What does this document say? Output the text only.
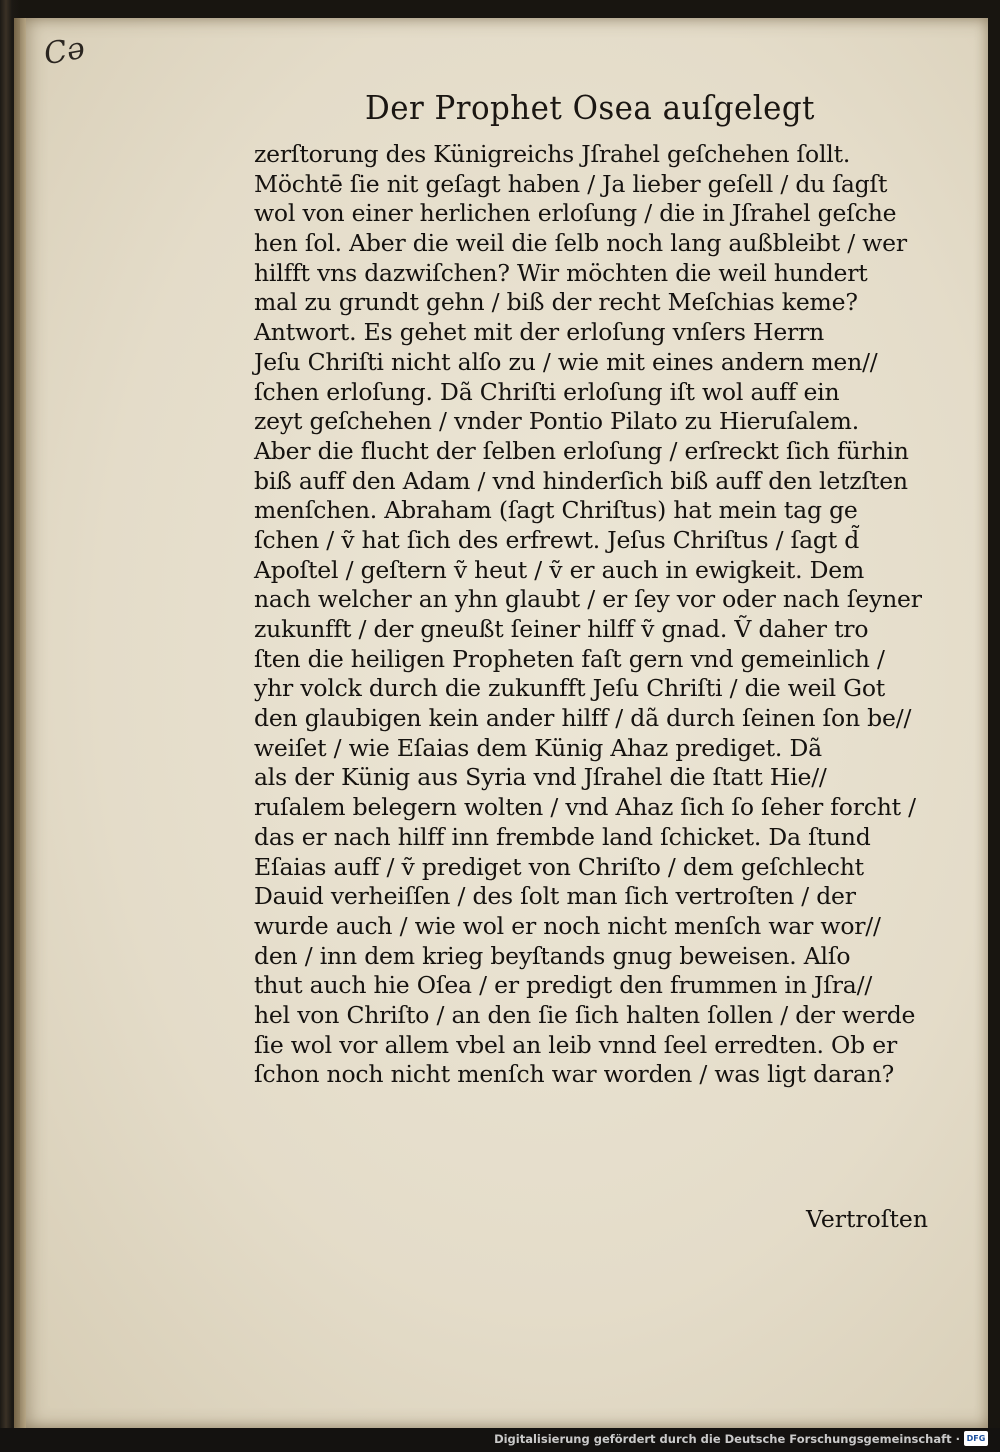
Cə
Der Prophet Osea auſgelegt
zerſtorung des Künigreichs Jſrahel geſchehen ſollt.
Möchtē ſie nit geſagt haben / Ja lieber geſell / du ſagſt
wol von einer herlichen erloſung / die in Jſrahel geſche
hen ſol. Aber die weil die ſelb noch lang außbleibt / wer
hilfft vns dazwiſchen? Wir möchten die weil hundert
mal zu grundt gehn / biß der recht Meſchias keme?
Antwort. Es gehet mit der erloſung vnſers Herrn
Jeſu Chriſti nicht alſo zu / wie mit eines andern men//
ſchen erloſung. Dã Chriſti erloſung iſt wol auff ein
zeyt geſchehen / vnder Pontio Pilato zu Hieruſalem.
Aber die flucht der ſelben erloſung / erſreckt ſich fürhin
biß auff den Adam / vnd hinderſich biß auff den letzſten
menſchen. Abraham (ſagt Chriſtus) hat mein tag ge
ſchen / ṽ hat ſich des erfrewt. Jeſus Chriſtus / ſagt d̃
Apoſtel / geſtern ṽ heut / ṽ er auch in ewigkeit. Dem
nach welcher an yhn glaubt / er ſey vor oder nach ſeyner
zukunfft / der gneußt ſeiner hilff ṽ gnad. Ṽ daher tro
ſten die heiligen Propheten faſt gern vnd gemeinlich /
yhr volck durch die zukunfft Jeſu Chriſti / die weil Got
den glaubigen kein ander hilff / dã durch ſeinen ſon be//
weiſet / wie Eſaias dem Künig Ahaz prediget. Dã
als der Künig aus Syria vnd Jſrahel die ſtatt Hie//
ruſalem belegern wolten / vnd Ahaz ſich ſo ſeher forcht /
das er nach hilff inn frembde land ſchicket. Da ſtund
Eſaias auff / ṽ prediget von Chriſto / dem geſchlecht
Dauid verheiſſen / des ſolt man ſich vertroſten / der
wurde auch / wie wol er noch nicht menſch war wor//
den / inn dem krieg beyſtands gnug beweisen. Alſo
thut auch hie Oſea / er predigt den frummen in Jſra//
hel von Chriſto / an den ſie ſich halten ſollen / der werde
ſie wol vor allem vbel an leib vnnd ſeel erredten. Ob er
ſchon noch nicht menſch war worden / was ligt daran?
Vertroſten
Digitalisierung gefördert durch die Deutsche Forschungsgemeinschaft · DFG
